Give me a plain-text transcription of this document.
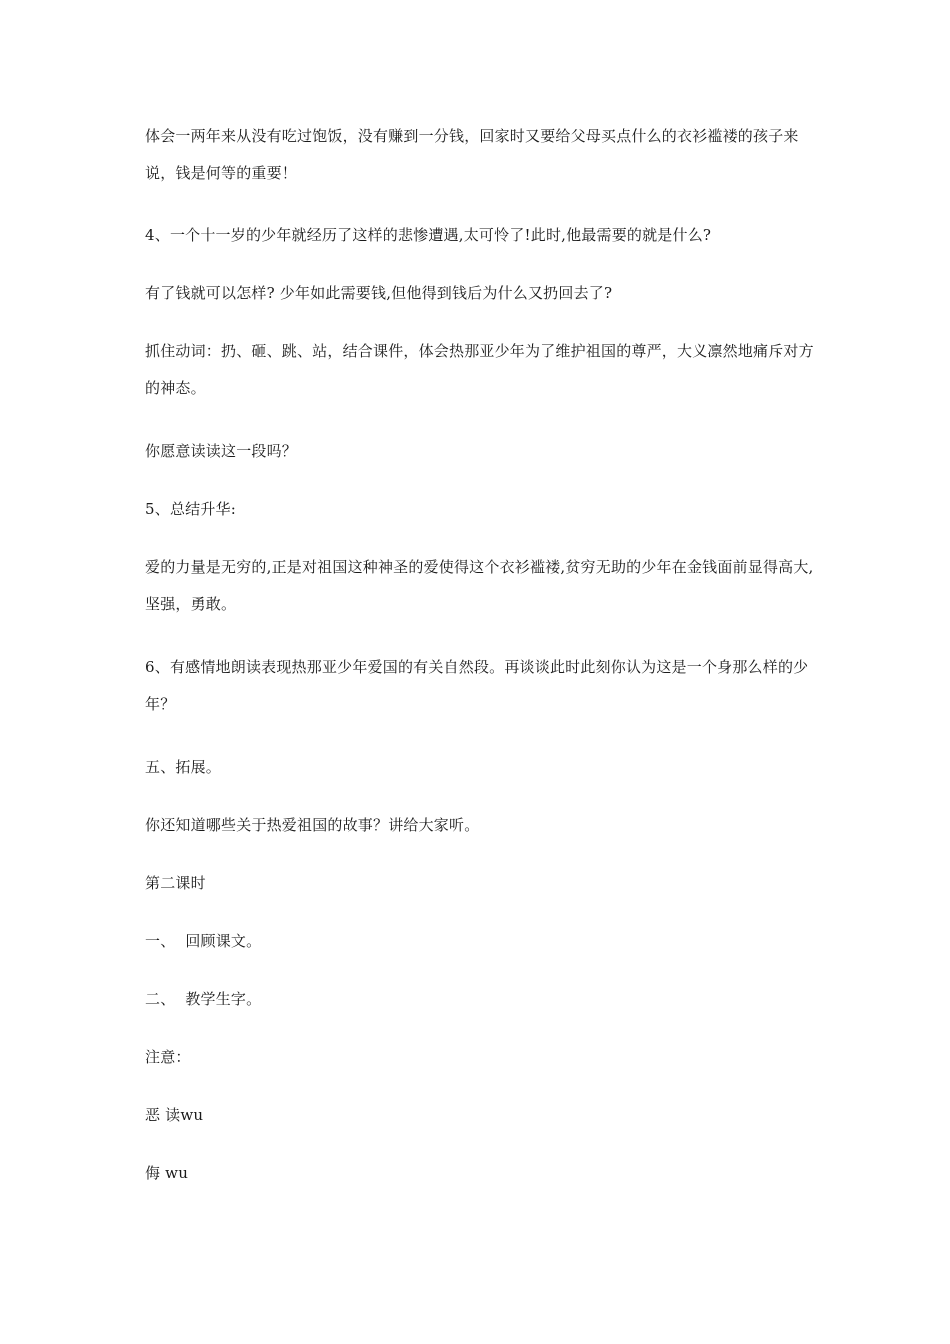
体会一两年来从没有吃过饱饭，没有赚到一分钱，回家时又要给父母买点什么的衣衫褴褛的孩子来说，钱是何等的重要！

4、一个十一岁的少年就经历了这样的悲惨遭遇,太可怜了!此时,他最需要的就是什么?

有了钱就可以怎样? 少年如此需要钱,但他得到钱后为什么又扔回去了?

抓住动词：扔、砸、跳、站，结合课件，体会热那亚少年为了维护祖国的尊严，大义凛然地痛斥对方的神态。

你愿意读读这一段吗？

5、总结升华:

爱的力量是无穷的,正是对祖国这种神圣的爱使得这个衣衫褴褛,贫穷无助的少年在金钱面前显得高大,坚强，勇敢。

6、有感情地朗读表现热那亚少年爱国的有关自然段。再谈谈此时此刻你认为这是一个身那么样的少年？

五、拓展。

你还知道哪些关于热爱祖国的故事？讲给大家听。

第二课时

一、  回顾课文。

二、  教学生字。

注意：

恶 读wu

侮 wu
